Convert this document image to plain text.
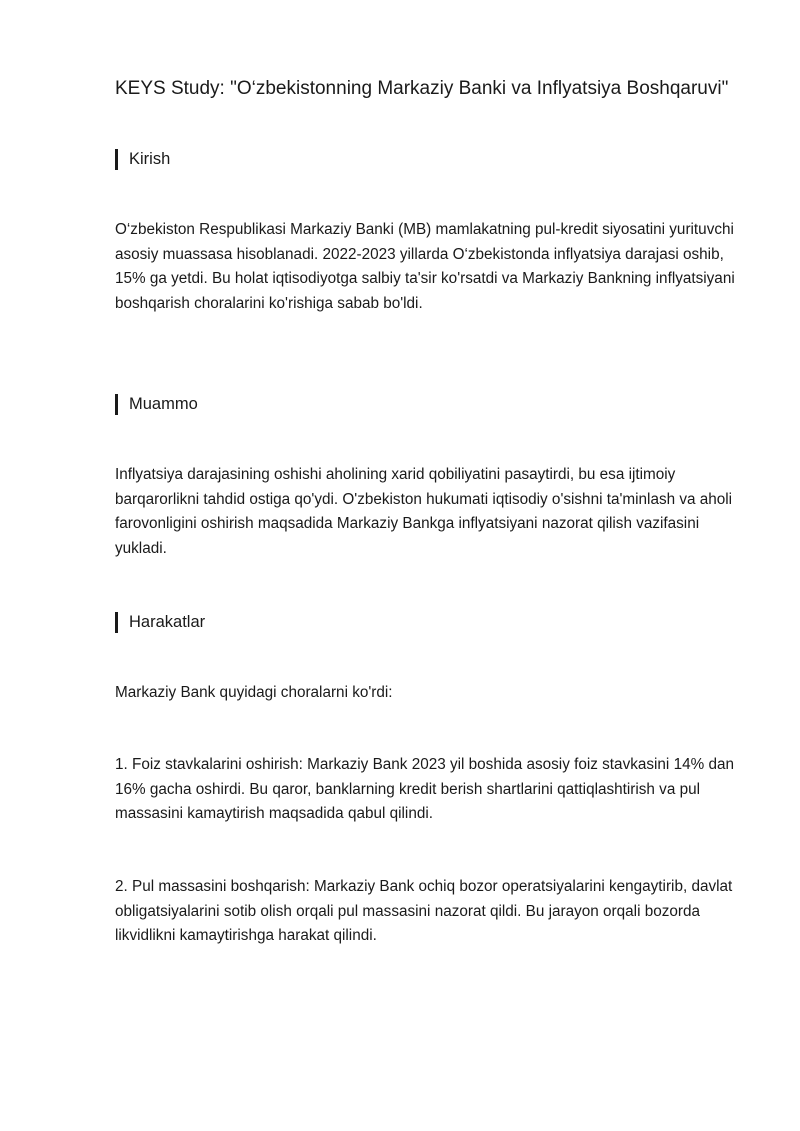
KEYS Study: "O‘zbekistonning Markaziy Banki va Inflyatsiya Boshqaruvi"
Kirish

O‘zbekiston Respublikasi Markaziy Banki (MB) mamlakatning pul-kredit siyosatini yurituvchi asosiy muassasa hisoblanadi. 2022-2023 yillarda O‘zbekistonda inflyatsiya darajasi oshib, 15% ga yetdi. Bu holat iqtisodiyotga salbiy ta'sir ko'rsatdi va Markaziy Bankning inflyatsiyani boshqarish choralarini ko'rishiga sabab bo'ldi.

Muammo

Inflyatsiya darajasining oshishi aholining xarid qobiliyatini pasaytirdi, bu esa ijtimoiy barqarorlikni tahdid ostiga qo'ydi. O'zbekiston hukumati iqtisodiy o'sishni ta'minlash va aholi farovonligini oshirish maqsadida Markaziy Bankga inflyatsiyani nazorat qilish vazifasini yukladi.

Harakatlar

Markaziy Bank quyidagi choralarni ko'rdi:

1. Foiz stavkalarini oshirish: Markaziy Bank 2023 yil boshida asosiy foiz stavkasini 14% dan 16% gacha oshirdi. Bu qaror, banklarning kredit berish shartlarini qattiqlashtirish va pul massasini kamaytirish maqsadida qabul qilindi.

2. Pul massasini boshqarish: Markaziy Bank ochiq bozor operatsiyalarini kengaytirib, davlat obligatsiyalarini sotib olish orqali pul massasini nazorat qildi. Bu jarayon orqali bozorda likvidlikni kamaytirishga harakat qilindi.
